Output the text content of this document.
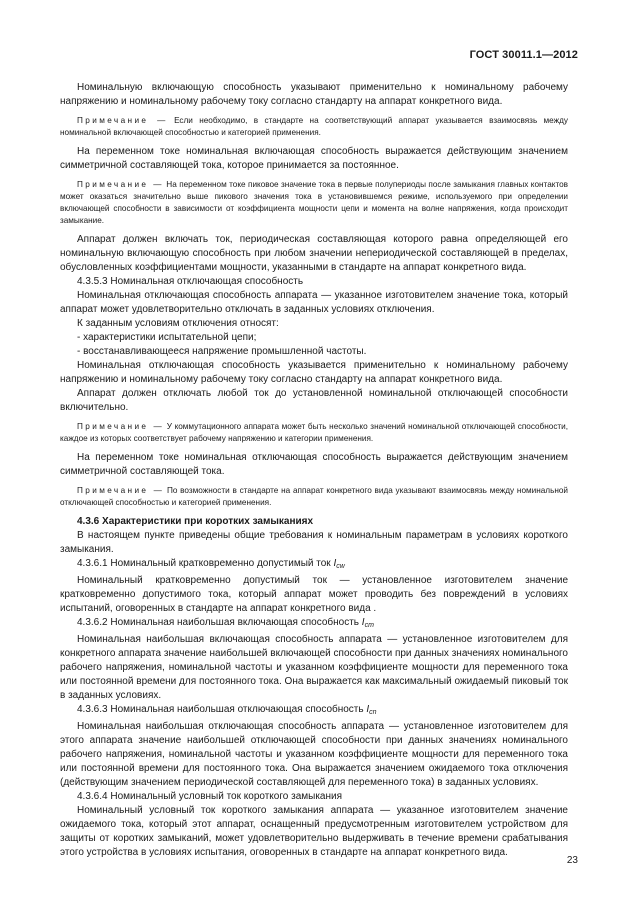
ГОСТ 30011.1—2012

Номинальную включающую способность указывают применительно к номинальному рабочему напряжению и номинальному рабочему току согласно стандарту на аппарат конкретного вида.

Примечание — Если необходимо, в стандарте на соответствующий аппарат указывается взаимосвязь между номинальной включающей способностью и категорией применения.

На переменном токе номинальная включающая способность выражается действующим значением симметричной составляющей тока, которое принимается за постоянное.

Примечание — На переменном токе пиковое значение тока в первые полупериоды после замыкания главных контактов может оказаться значительно выше пикового значения тока в установившемся режиме, используемого при определении включающей способности в зависимости от коэффициента мощности цепи и момента на волне напряжения, когда происходит замыкание.

Аппарат должен включать ток, периодическая составляющая которого равна определяющей его номинальную включающую способность при любом значении непериодической составляющей в пределах, обусловленных коэффициентами мощности, указанными в стандарте на аппарат конкретного вида.

4.3.5.3 Номинальная отключающая способность

Номинальная отключающая способность аппарата — указанное изготовителем значение тока, который аппарат может удовлетворительно отключать в заданных условиях отключения.

К заданным условиям отключения относят:

- характеристики испытательной цепи;

- восстанавливающееся напряжение промышленной частоты.

Номинальная отключающая способность указывается применительно к номинальному рабочему напряжению и номинальному рабочему току согласно стандарту на аппарат конкретного вида.

Аппарат должен отключать любой ток до установленной номинальной отключающей способности включительно.

Примечание — У коммутационного аппарата может быть несколько значений номинальной отключающей способности, каждое из которых соответствует рабочему напряжению и категории применения.

На переменном токе номинальная отключающая способность выражается действующим значением симметричной составляющей тока.

Примечание — По возможности в стандарте на аппарат конкретного вида указывают взаимосвязь между номинальной отключающей способностью и категорией применения.

4.3.6 Характеристики при коротких замыканиях

В настоящем пункте приведены общие требования к номинальным параметрам в условиях короткого замыкания.

4.3.6.1 Номинальный кратковременно допустимый ток $I_{cw}$

Номинальный кратковременно допустимый ток — установленное изготовителем значение кратковременно допустимого тока, который аппарат может проводить без повреждений в условиях испытаний, оговоренных в стандарте на аппарат конкретного вида .

4.3.6.2 Номинальная наибольшая включающая способность $I_{cm}$

Номинальная наибольшая включающая способность аппарата — установленное изготовителем для конкретного аппарата значение наибольшей включающей способности при данных значениях номинального рабочего напряжения, номинальной частоты и указанном коэффициенте мощности для переменного тока или постоянной времени для постоянного тока. Она выражается как максимальный ожидаемый пиковый ток в заданных условиях.

4.3.6.3 Номинальная наибольшая отключающая способность $I_{cn}$

Номинальная наибольшая отключающая способность аппарата — установленное изготовителем для этого аппарата значение наибольшей отключающей способности при данных значениях номинального рабочего напряжения, номинальной частоты и указанном коэффициенте мощности для переменного тока или постоянной времени для постоянного тока. Она выражается значением ожидаемого тока отключения (действующим значением периодической составляющей для переменного тока) в заданных условиях.

4.3.6.4 Номинальный условный ток короткого замыкания

Номинальный условный ток короткого замыкания аппарата — указанное изготовителем значение ожидаемого тока, который этот аппарат, оснащенный предусмотренным изготовителем устройством для защиты от коротких замыканий, может удовлетворительно выдерживать в течение времени срабатывания этого устройства в условиях испытания, оговоренных в стандарте на аппарат конкретного вида.

23
